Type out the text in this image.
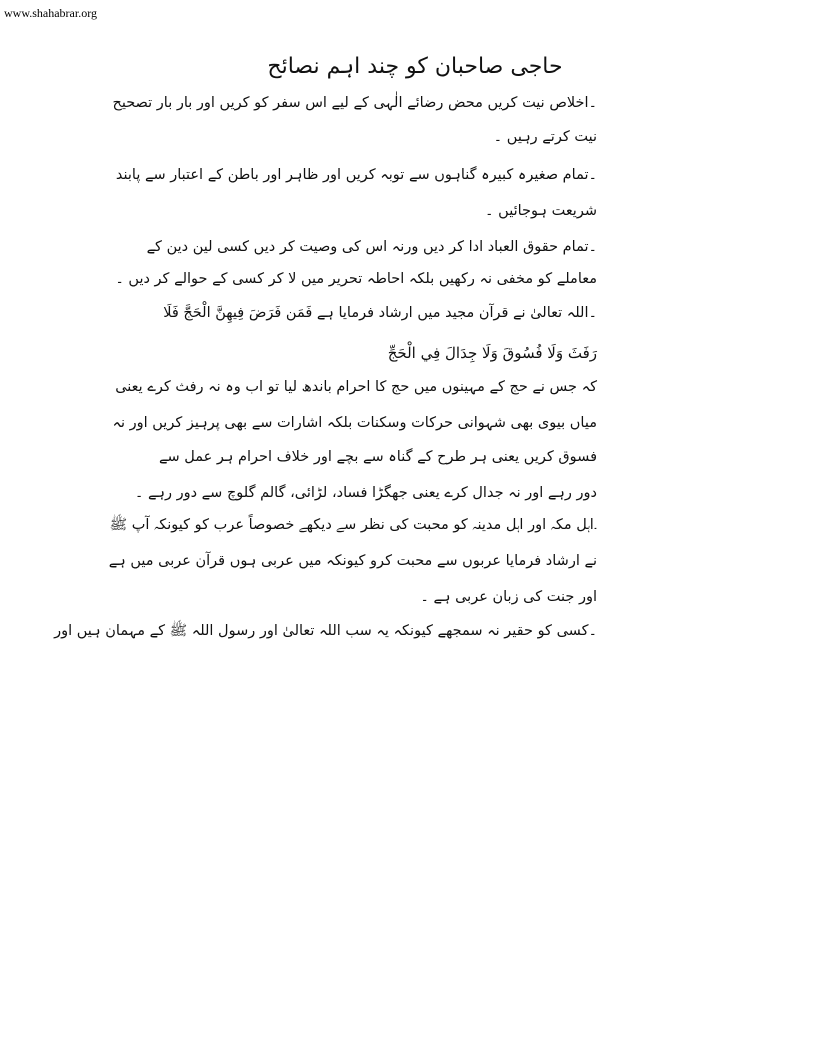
www.shahabrar.org
حاجی صاحبان کو چند اہم نصائح

۔اخلاص نیت کریں محض رضائے الٰہی کے لیے اس سفر کو کریں اور بار بار تصحیح

نیت کرتے رہیں ۔

۔تمام صغیرہ کبیرہ گناہوں سے توبہ کریں اور ظاہر اور باطن کے اعتبار سے پابند

شریعت ہوجائیں ۔

۔تمام حقوق العباد ادا کر دیں ورنہ اس کی وصیت کر دیں کسی لین دین کے

معاملے کو مخفی نہ رکھیں بلکہ احاطہ تحریر میں لا کر کسی کے حوالے کر دیں ۔

۔اللہ تعالیٰ نے قرآن مجید میں ارشاد فرمایا ہے فَمَن فَرَضَ فِيهِنَّ الْحَجَّ فَلَا

رَفَثَ وَلَا فُسُوقَ وَلَا جِدَالَ فِي الْحَجِّ

کہ جس نے حج کے مہینوں میں حج کا احرام باندھ لیا تو اب وہ نہ رفث کرے یعنی

میاں بیوی بھی شہوانی حرکات وسکنات بلکہ اشارات سے بھی پرہیز کریں اور نہ

فسوق کریں یعنی ہر طرح کے گناہ سے بچے اور خلاف احرام ہر عمل سے

دور رہے اور نہ جدال کرے یعنی جھگڑا فساد، لڑائی، گالم گلوچ سے دور رہے ۔

۔اہل مکہ اور اہل مدینہ کو محبت کی نظر سے دیکھے خصوصاً عرب کو کیونکہ آپ ﷺ

نے ارشاد فرمایا عربوں سے محبت کرو کیونکہ میں عربی ہوں قرآن عربی میں ہے

اور جنت کی زبان عربی ہے ۔

۔کسی کو حقیر نہ سمجھے کیونکہ یہ سب اللہ تعالیٰ اور رسول اللہ ﷺ کے مہمان ہیں اور
